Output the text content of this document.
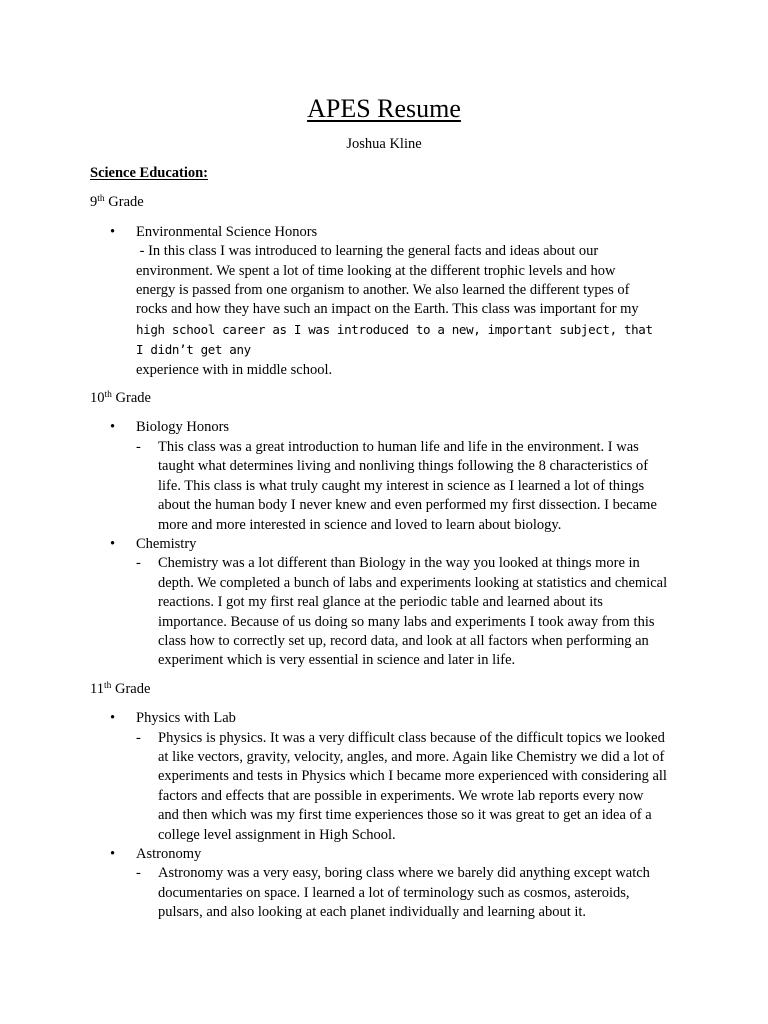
APES Resume
Joshua Kline
Science Education:
9th Grade
• Environmental Science Honors
- In this class I was introduced to learning the general facts and ideas about our
environment. We spent a lot of time looking at the different trophic levels and how
energy is passed from one organism to another. We also learned the different types of
rocks and how they have such an impact on the Earth. This class was important for my
high school career as I was introduced to a new, important subject, that I didn’t get any
experience with in middle school.
10th Grade
• Biology Honors
- This class was a great introduction to human life and life in the environment. I was taught what determines living and nonliving things following the 8 characteristics of life. This class is what truly caught my interest in science as I learned a lot of things about the human body I never knew and even performed my first dissection. I became more and more interested in science and loved to learn about biology.
• Chemistry
- Chemistry was a lot different than Biology in the way you looked at things more in depth. We completed a bunch of labs and experiments looking at statistics and chemical reactions. I got my first real glance at the periodic table and learned about its importance. Because of us doing so many labs and experiments I took away from this class how to correctly set up, record data, and look at all factors when performing an experiment which is very essential in science and later in life.
11th Grade
• Physics with Lab
- Physics is physics. It was a very difficult class because of the difficult topics we looked at like vectors, gravity, velocity, angles, and more. Again like Chemistry we did a lot of experiments and tests in Physics which I became more experienced with considering all factors and effects that are possible in experiments. We wrote lab reports every now and then which was my first time experiences those so it was great to get an idea of a college level assignment in High School.
• Astronomy
- Astronomy was a very easy, boring class where we barely did anything except watch documentaries on space. I learned a lot of terminology such as cosmos, asteroids, pulsars, and also looking at each planet individually and learning about it.
